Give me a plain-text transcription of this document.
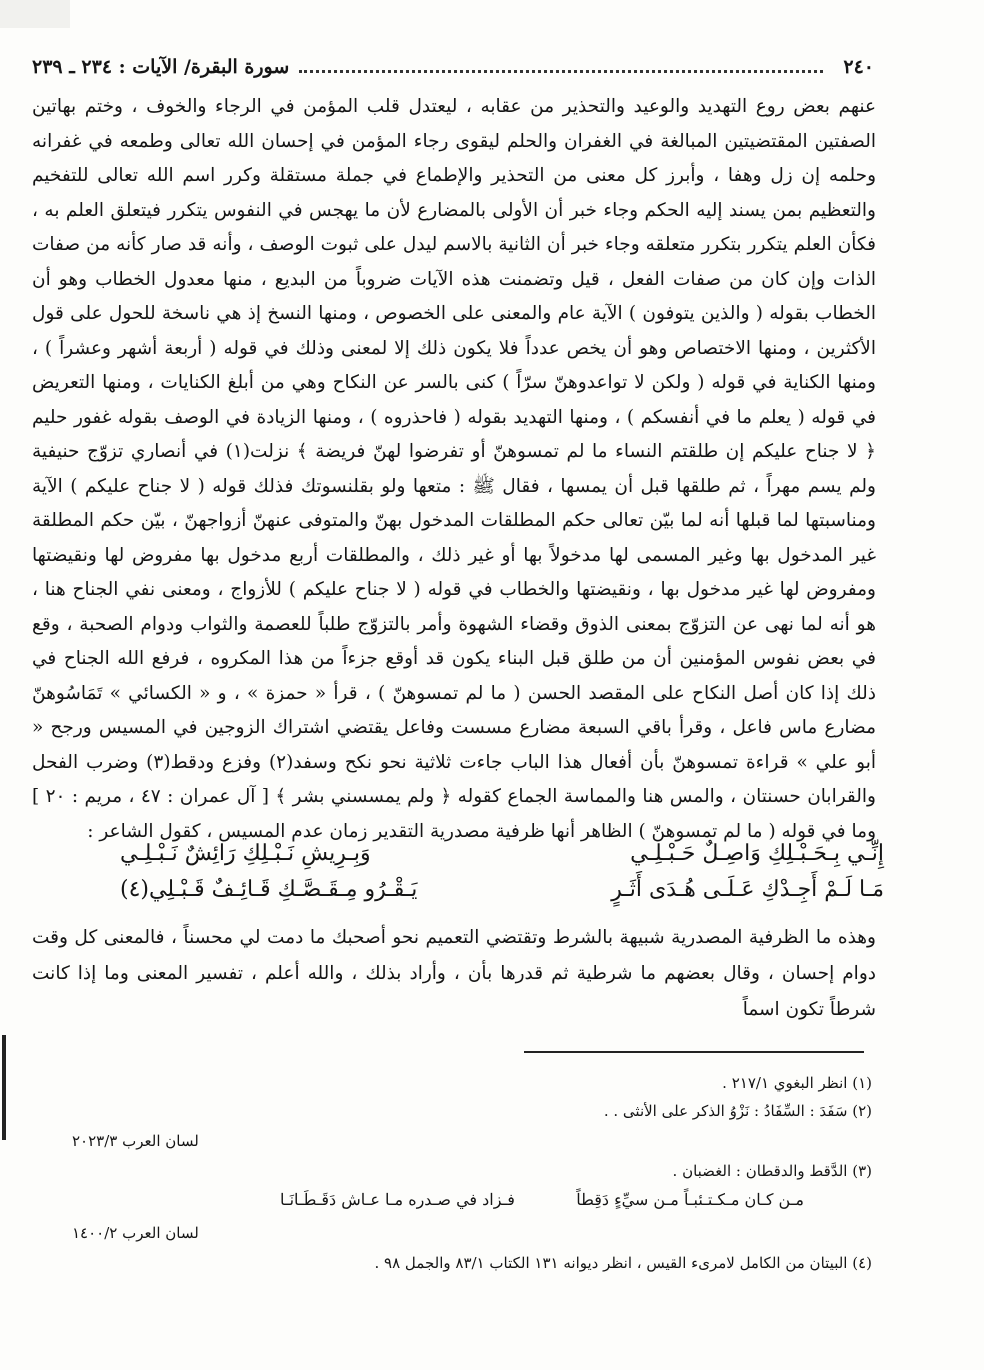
٢٤٠
سورة البقرة/ الآيات : ٢٣٤ ـ ٢٣٩

عنهم بعض روع التهديد والوعيد والتحذير من عقابه ، ليعتدل قلب المؤمن في الرجاء والخوف ، وختم بهاتين الصفتين المقتضيتين المبالغة في الغفران والحلم ليقوى رجاء المؤمن في إحسان الله تعالى وطمعه في غفرانه وحلمه إن زل وهفا ، وأبرز كل معنى من التحذير والإطماع في جملة مستقلة وكرر اسم الله تعالى للتفخيم والتعظيم بمن يسند إليه الحكم وجاء خبر أن الأولى بالمضارع لأن ما يهجس في النفوس يتكرر فيتعلق العلم به ، فكأن العلم يتكرر بتكرر متعلقه وجاء خبر أن الثانية بالاسم ليدل على ثبوت الوصف ، وأنه قد صار كأنه من صفات الذات وإن كان من صفات الفعل ، قيل وتضمنت هذه الآيات ضروباً من البديع ، منها معدول الخطاب وهو أن الخطاب بقوله ( والذين يتوفون ) الآية عام والمعنى على الخصوص ، ومنها النسخ إذ هي ناسخة للحول على قول الأكثرين ، ومنها الاختصاص وهو أن يخص عدداً فلا يكون ذلك إلا لمعنى وذلك في قوله ( أربعة أشهر وعشراً ) ، ومنها الكناية في قوله ( ولكن لا تواعدوهنّ سرّاً ) كنى بالسر عن النكاح وهي من أبلغ الكنايات ، ومنها التعريض في قوله ( يعلم ما في أنفسكم ) ، ومنها التهديد بقوله ( فاحذروه ) ، ومنها الزيادة في الوصف بقوله غفور حليم ﴿ لا جناح عليكم إن طلقتم النساء ما لم تمسوهنّ أو تفرضوا لهنّ فريضة ﴾ نزلت(١) في أنصاري تزوّج حنيفية ولم يسم مهراً ، ثم طلقها قبل أن يمسها ، فقال ﷺ : متعها ولو بقلنسوتك فذلك قوله ( لا جناح عليكم ) الآية ومناسبتها لما قبلها أنه لما بيّن تعالى حكم المطلقات المدخول بهنّ والمتوفى عنهنّ أزواجهنّ ، بيّن حكم المطلقة غير المدخول بها وغير المسمى لها مدخولاً بها أو غير ذلك ، والمطلقات أربع مدخول بها مفروض لها ونقيضتها ومفروض لها غير مدخول بها ، ونقيضتها والخطاب في قوله ( لا جناح عليكم ) للأزواج ، ومعنى نفي الجناح هنا ، هو أنه لما نهى عن التزوّج بمعنى الذوق وقضاء الشهوة وأمر بالتزوّج طلباً للعصمة والثواب ودوام الصحبة ، وقع في بعض نفوس المؤمنين أن من طلق قبل البناء يكون قد أوقع جزءاً من هذا المكروه ، فرفع الله الجناح في ذلك إذا كان أصل النكاح على المقصد الحسن ( ما لم تمسوهنّ ) ، قرأ « حمزة » ، و « الكسائي » تَمَاسُوهنّ مضارع ماس فاعل ، وقرأ باقي السبعة مضارع مسست وفاعل يقتضي اشتراك الزوجين في المسيس ورجح « أبو علي » قراءة تمسوهنّ بأن أفعال هذا الباب جاءت ثلاثية نحو نكح وسفد(٢) وفزع ودقط(٣) وضرب الفحل والقرابان حسنتان ، والمس هنا والمماسة الجماع كقوله ﴿ ولم يمسسني بشر ﴾ [ آل عمران : ٤٧ ، مريم : ٢٠ ] وما في قوله ( ما لم تمسوهنّ ) الظاهر أنها ظرفية مصدرية التقدير زمان عدم المسيس ، كقول الشاعر :

إِنِّـي بِـحَـبْـلِكِ وَاصِـلٌ حَـبْـلِـي
وَبِـرِيشِ نَـبْـلِكِ رَائِشٌ نَـبْـلِـي
مَـا لَـمْ أَجِـدْكِ عَـلَـى هُـدَى أَثَـرٍ
يَـقْـرُو مِـقَـصَّـكِ قَـائِـفٌ قَـبْـلِي(٤)

وهذه ما الظرفية المصدرية شبيهة بالشرط وتقتضي التعميم نحو أصحبك ما دمت لي محسناً ، فالمعنى كل وقت دوام إحسان ، وقال بعضهم ما شرطية ثم قدرها بأن ، وأراد بذلك ، والله أعلم ، تفسير المعنى وما إذا كانت شرطاً تكون اسماً

(١) انظر البغوي ٢١٧/١ .
(٢) سَفَدَ : السِّفَادُ : نَزْوُ الذكر على الأنثى . .
لسان العرب ٢٠٢٣/٣
(٣) الدَّقط والدقطان : الغضبان .
مـن كـان مـكـتـئبـاً مـن سيِّءٍ دَقِطاً
فـزاد في صـدره مـا عـاش دَقَـطَـانَـا
لسان العرب ١٤٠٠/٢
(٤) البيتان من الكامل لامرىء القيس ، انظر ديوانه ١٣١ الكتاب ٨٣/١ والجمل ٩٨ .
